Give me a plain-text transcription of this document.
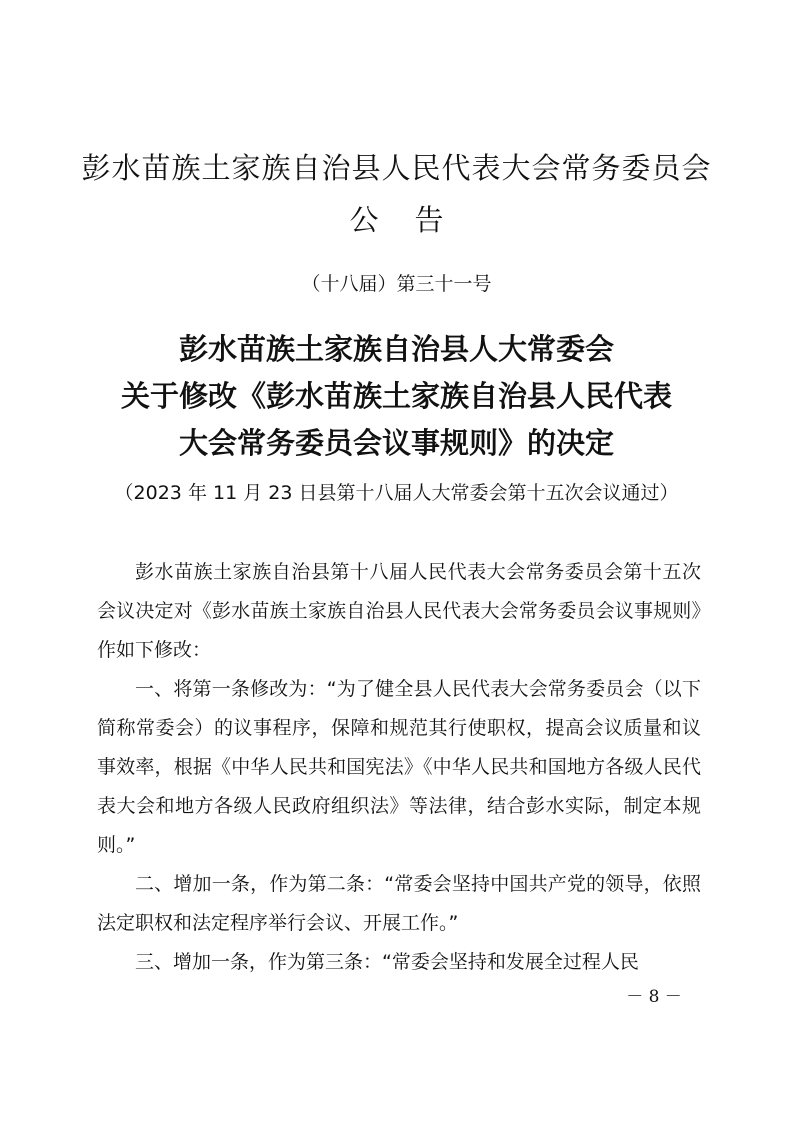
彭水苗族土家族自治县人民代表大会常务委员会
公告
（十八届）第三十一号
彭水苗族土家族自治县人大常委会
关于修改《彭水苗族土家族自治县人民代表
大会常务委员会议事规则》的决定
（2023 年 11 月 23 日县第十八届人大常委会第十五次会议通过）

彭水苗族土家族自治县第十八届人民代表大会常务委员会第十五次会议决定对《彭水苗族土家族自治县人民代表大会常务委员会议事规则》作如下修改：

一、将第一条修改为：“为了健全县人民代表大会常务委员会（以下简称常委会）的议事程序，保障和规范其行使职权，提高会议质量和议事效率，根据《中华人民共和国宪法》《中华人民共和国地方各级人民代表大会和地方各级人民政府组织法》等法律，结合彭水实际，制定本规则。”

二、增加一条，作为第二条：“常委会坚持中国共产党的领导，依照法定职权和法定程序举行会议、开展工作。”

三、增加一条，作为第三条：“常委会坚持和发展全过程人民

－ 8 －
